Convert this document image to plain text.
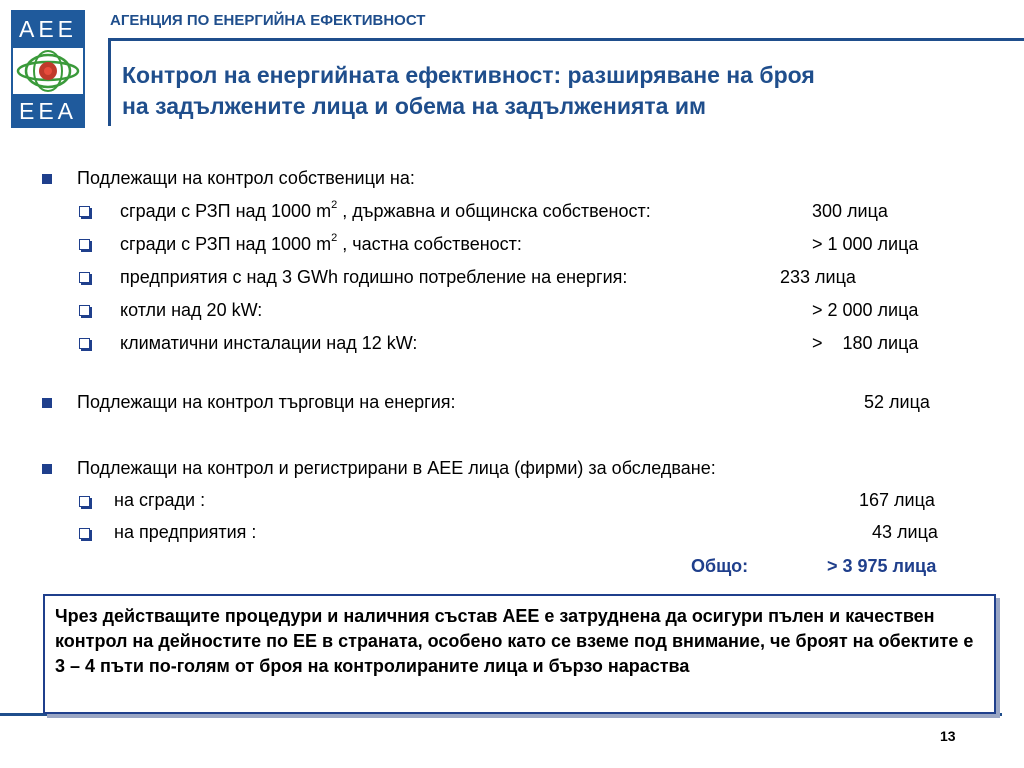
AEE
EEA
АГЕНЦИЯ ПО ЕНЕРГИЙНА ЕФЕКТИВНОСТ
Контрол на енергийната ефективност: разширяване на броя
на задължените лица и обема на задълженията им
Подлежащи на контрол собственици на:
сгради с РЗП над 1000 $m^2$ , държавна и общинска собственост:	300 лица
сгради с РЗП над 1000 $m^2$ , частна собственост:	> 1 000 лица
предприятия с над 3 GWh годишно потребление на енергия:	233 лица
котли над 20 kW:	> 2 000 лица
климатични инсталации над 12 kW:	>    180 лица
Подлежащи на контрол търговци на енергия:	52 лица
Подлежащи на контрол и регистрирани в АЕЕ лица (фирми) за обследване:
на сгради :	167 лица
на предприятия :	43 лица
Общо:	> 3 975 лица
Чрез действащите процедури и наличния състав АЕЕ е затруднена да осигури пълен и качествен контрол на дейностите по ЕЕ в страната, особено като се вземе под внимание, че броят на обектите е 3 – 4 пъти по-голям от броя на контролираните лица и бързо нараства
13
